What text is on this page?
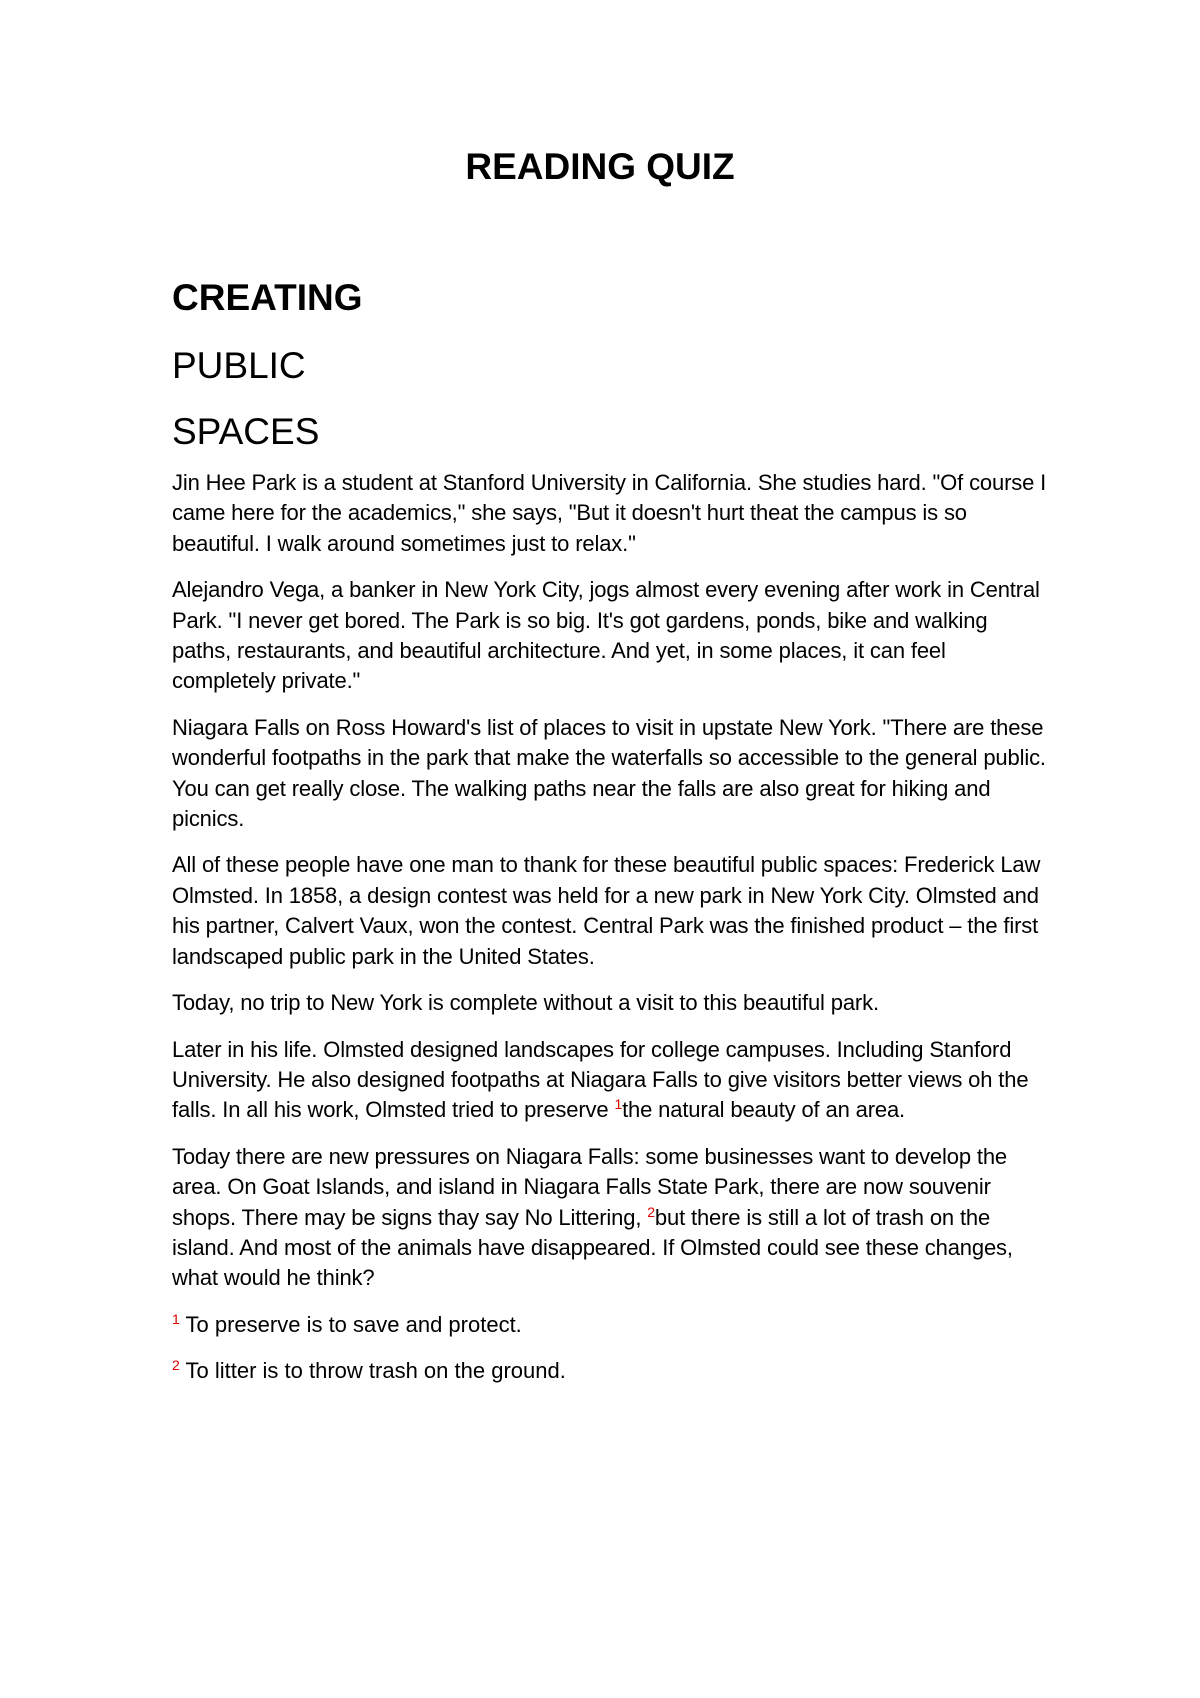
READING QUIZ
CREATING
PUBLIC
SPACES

Jin Hee Park is a student at Stanford University in California. She studies hard. "Of course I came here for the academics," she says, "But it doesn't hurt theat the campus is so beautiful. I walk around sometimes just to relax."

Alejandro Vega, a banker in New York City, jogs almost every evening after work in Central Park. "I never get bored. The Park is so big. It's got gardens, ponds, bike and walking paths, restaurants, and beautiful architecture. And yet, in some places, it can feel completely private."

Niagara Falls on Ross Howard's list of places to visit in upstate New York. "There are these wonderful footpaths in the park that make the waterfalls so accessible to the general public. You can get really close. The walking paths near the falls are also great for hiking and picnics.

All of these people have one man to thank for these beautiful public spaces: Frederick Law Olmsted. In 1858, a design contest was held for a new park in New York City. Olmsted and his partner, Calvert Vaux, won the contest. Central Park was the finished product – the first landscaped public park in the United States.

Today, no trip to New York is complete without a visit to this beautiful park.

Later in his life. Olmsted designed landscapes for college campuses. Including Stanford University. He also designed footpaths at Niagara Falls to give visitors better views oh the falls. In all his work, Olmsted tried to preserve $^1$the natural beauty of an area.

Today there are new pressures on Niagara Falls: some businesses want to develop the area. On Goat Islands, and island in Niagara Falls State Park, there are now souvenir shops. There may be signs thay say No Littering, $^2$but there is still a lot of trash on the island. And most of the animals have disappeared. If Olmsted could see these changes, what would he think?

$^1$ To preserve is to save and protect.

$^2$ To litter is to throw trash on the ground.
